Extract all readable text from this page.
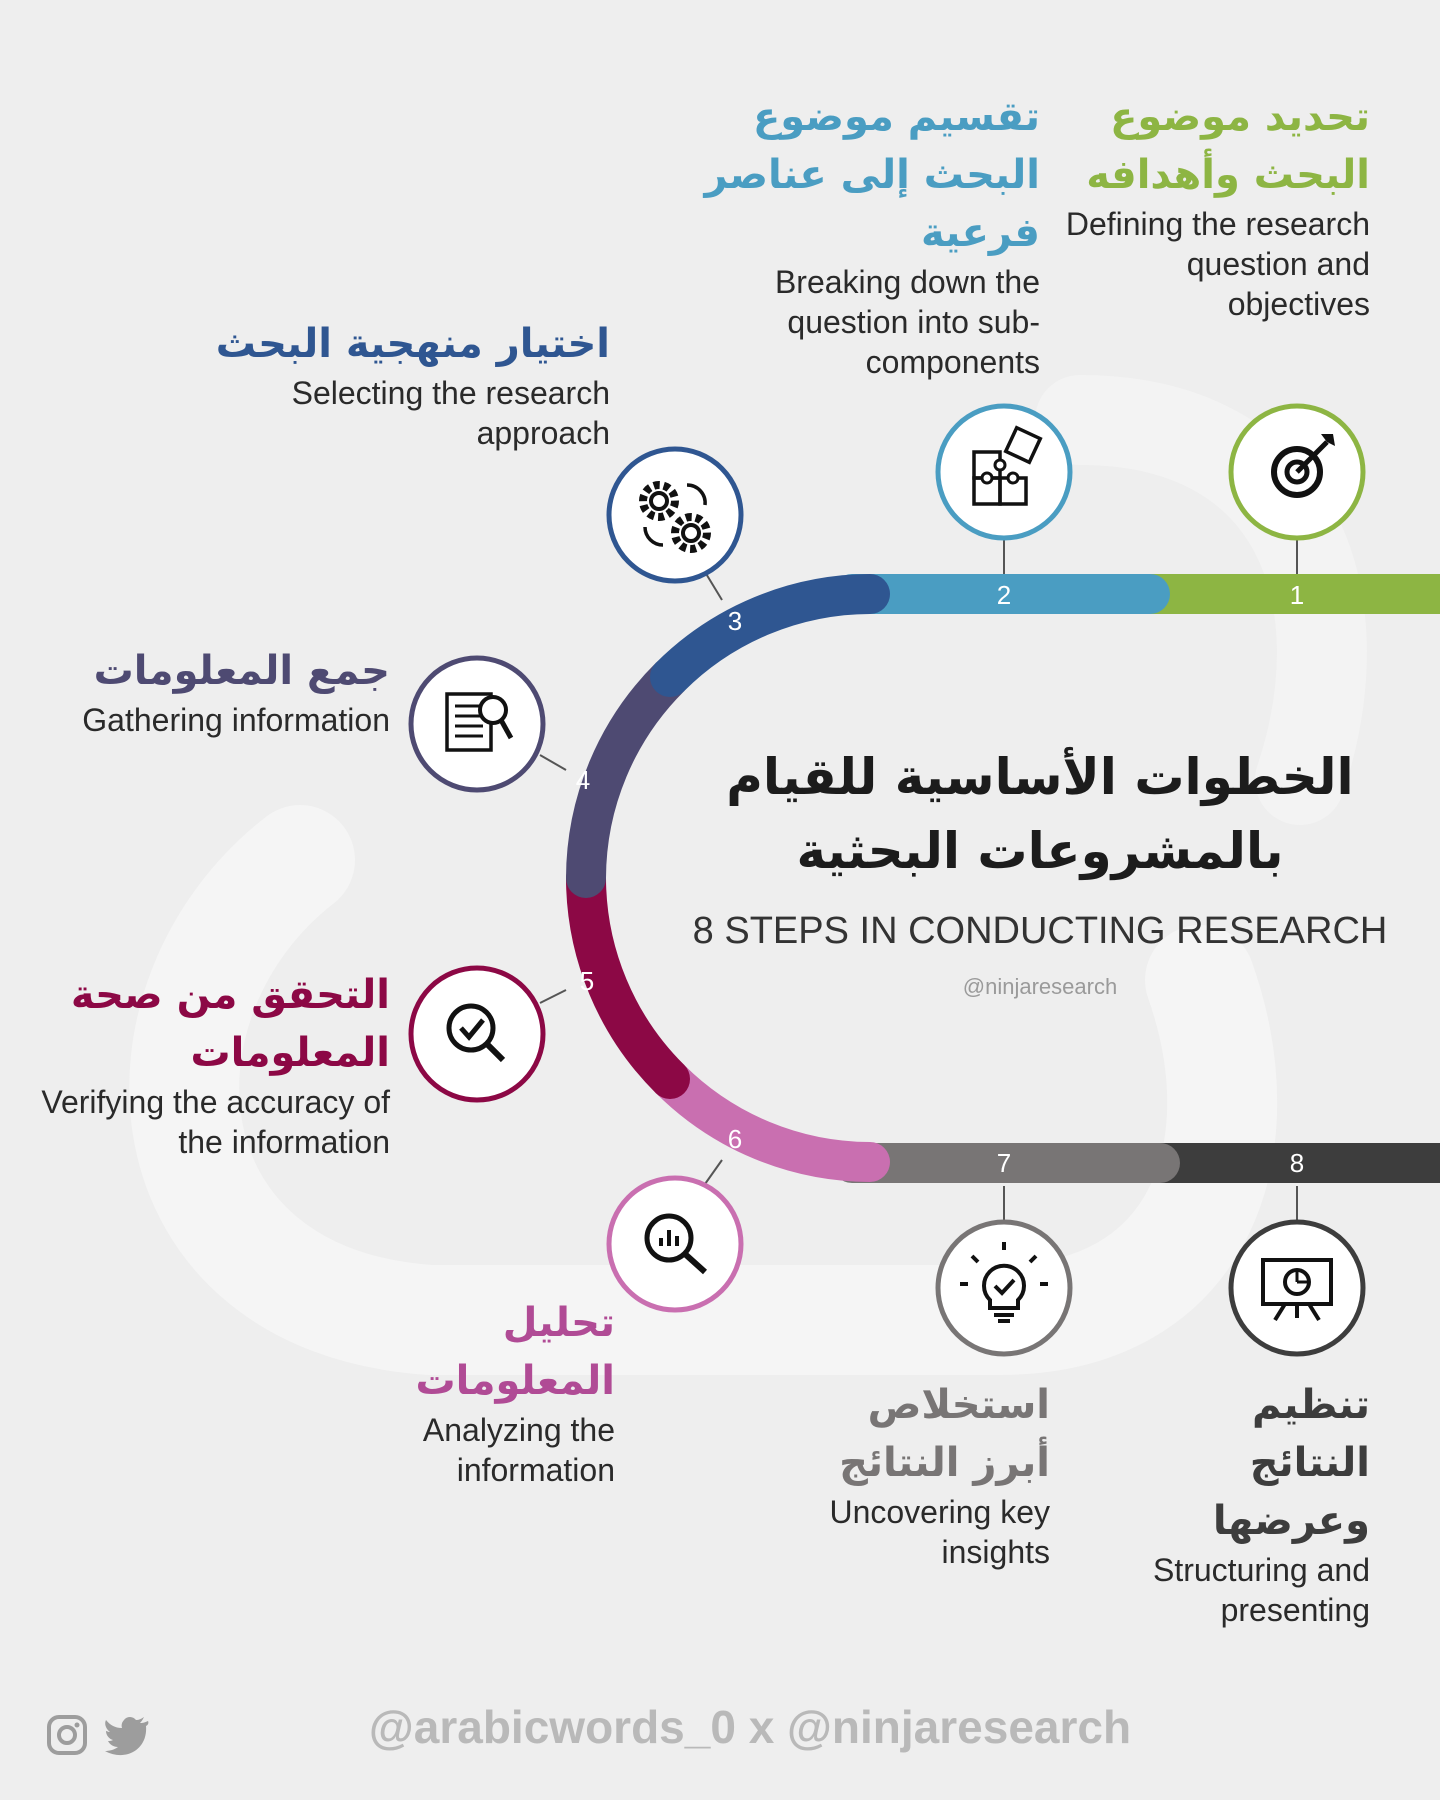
1
2
3
4
5
6
7	8
تحديد موضوع البحث وأهدافه
Defining the research question and objectives
تقسيم موضوع البحث إلى عناصر فرعية
Breaking down the question into sub-components
اختيار منهجية البحث
Selecting the research approach
جمع المعلومات
Gathering information
التحقق من صحة المعلومات
Verifying the accuracy of the information
تحليل المعلومات
Analyzing the information
استخلاص أبرز النتائج
Uncovering key insights
تنظيم النتائج وعرضها
Structuring and presenting
الخطوات الأساسية للقيام بالمشروعات البحثية
8 STEPS IN CONDUCTING RESEARCH
@ninjaresearch
@arabicwords_0 x @ninjaresearch
